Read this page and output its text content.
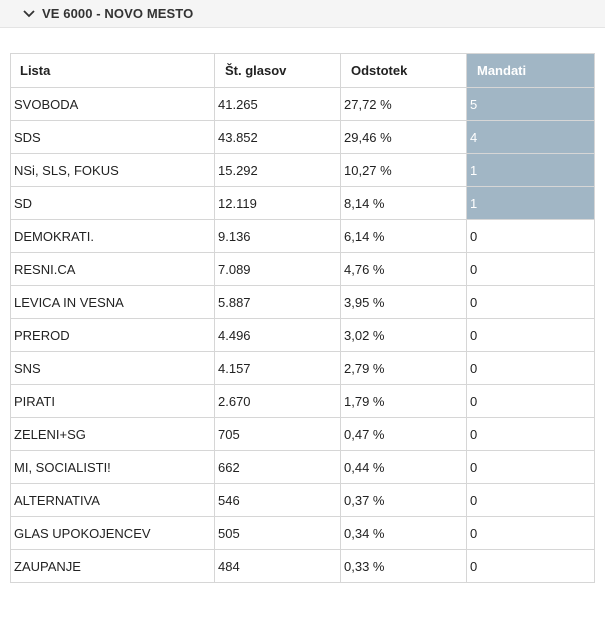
VE 6000 - NOVO MESTO
Lista	Št. glasov	Odstotek	Mandati
SVOBODA	41.265	27,72 %	5
SDS	43.852	29,46 %	4
NSi, SLS, FOKUS	15.292	10,27 %	1
SD	12.119	8,14 %	1
DEMOKRATI.	9.136	6,14 %	0
RESNI.CA	7.089	4,76 %	0
LEVICA IN VESNA	5.887	3,95 %	0
PREROD	4.496	3,02 %	0
SNS	4.157	2,79 %	0
PIRATI	2.670	1,79 %	0
ZELENI+SG	705	0,47 %	0
MI, SOCIALISTI!	662	0,44 %	0
ALTERNATIVA	546	0,37 %	0
GLAS UPOKOJENCEV	505	0,34 %	0
ZAUPANJE	484	0,33 %	0
